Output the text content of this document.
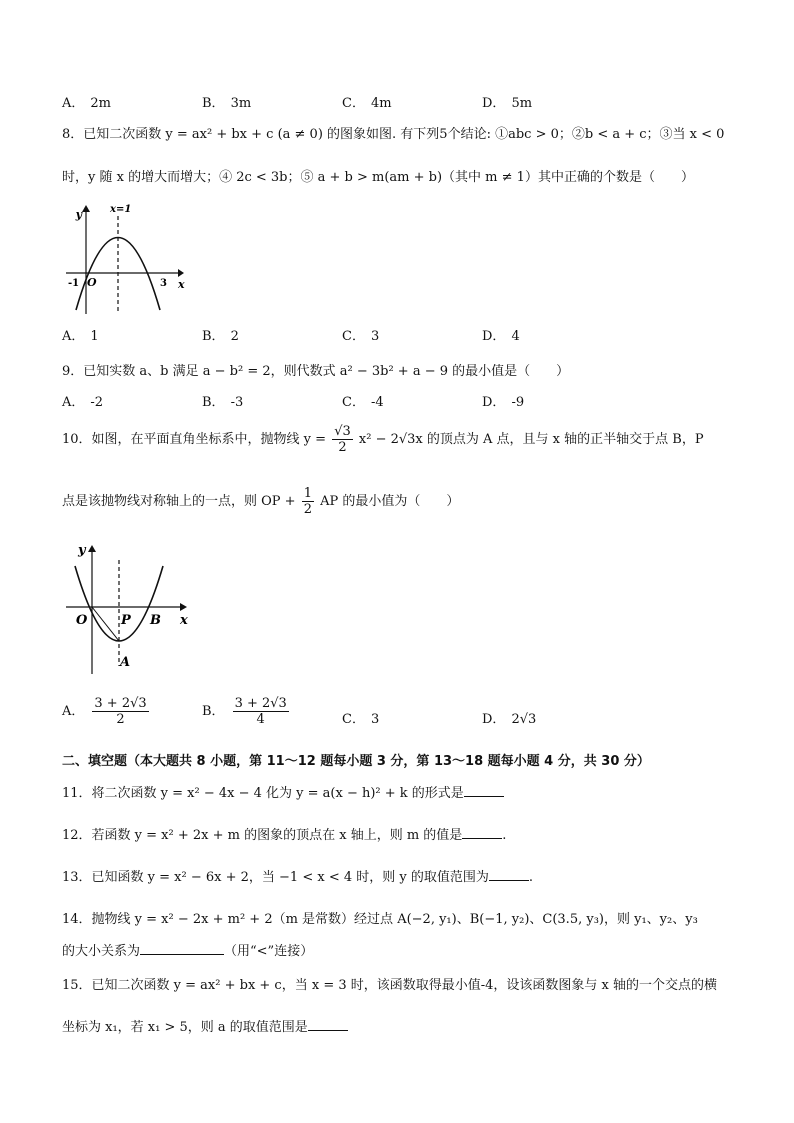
A． 2m	B． 3m	C． 4m	D． 5m
8．已知二次函数 y = ax² + bx + c (a ≠ 0) 的图象如图. 有下列5个结论: ①abc > 0；②b < a + c；③当 x < 0
时，y 随 x 的增大而增大；④ 2c < 3b；⑤ a + b > m(am + b)（其中 m ≠ 1）其中正确的个数是（　　）
y
x
x=1
O
-1	3
A． 1	B． 2	C． 3	D． 4
9．已知实数 a、b 满足 a − b² = 2，则代数式 a² − 3b² + a − 9 的最小值是（　　）
A． -2	B． -3	C． -4	D． -9
10．如图，在平面直角坐标系中，抛物线 $y = \frac{√3}{2} x^2 - 2√3x$ 的顶点为 A 点，且与 x 轴的正半轴交于点 B，P
点是该抛物线对称轴上的一点，则 OP + $\frac{1}{2}$ AP 的最小值为（　　）
y
x
O	P B
A
A． $\frac{3 + 2√3}{2}$	B． $\frac{3 + 2√3}{4}$	C． 3	D． 2√3
二、填空题（本大题共 8 小题，第 11～12 题每小题 3 分，第 13～18 题每小题 4 分，共 30 分）
11．将二次函数 y = x² − 4x − 4 化为 y = a(x − h)² + k 的形式是
12．若函数 y = x² + 2x + m 的图象的顶点在 x 轴上，则 m 的值是	.
13．已知函数 y = x² − 6x + 2，当 −1 < x < 4 时，则 y 的取值范围为	.
14．抛物线 y = x² − 2x + m² + 2（m 是常数）经过点 A(−2, y₁)、B(−1, y₂)、C(3.5, y₃)，则 y₁、y₂、y₃
的大小关系为	（用“<”连接）
15．已知二次函数 y = ax² + bx + c，当 x = 3 时，该函数取得最小值-4，设该函数图象与 x 轴的一个交点的横
坐标为 x₁，若 x₁ > 5，则 a 的取值范围是
